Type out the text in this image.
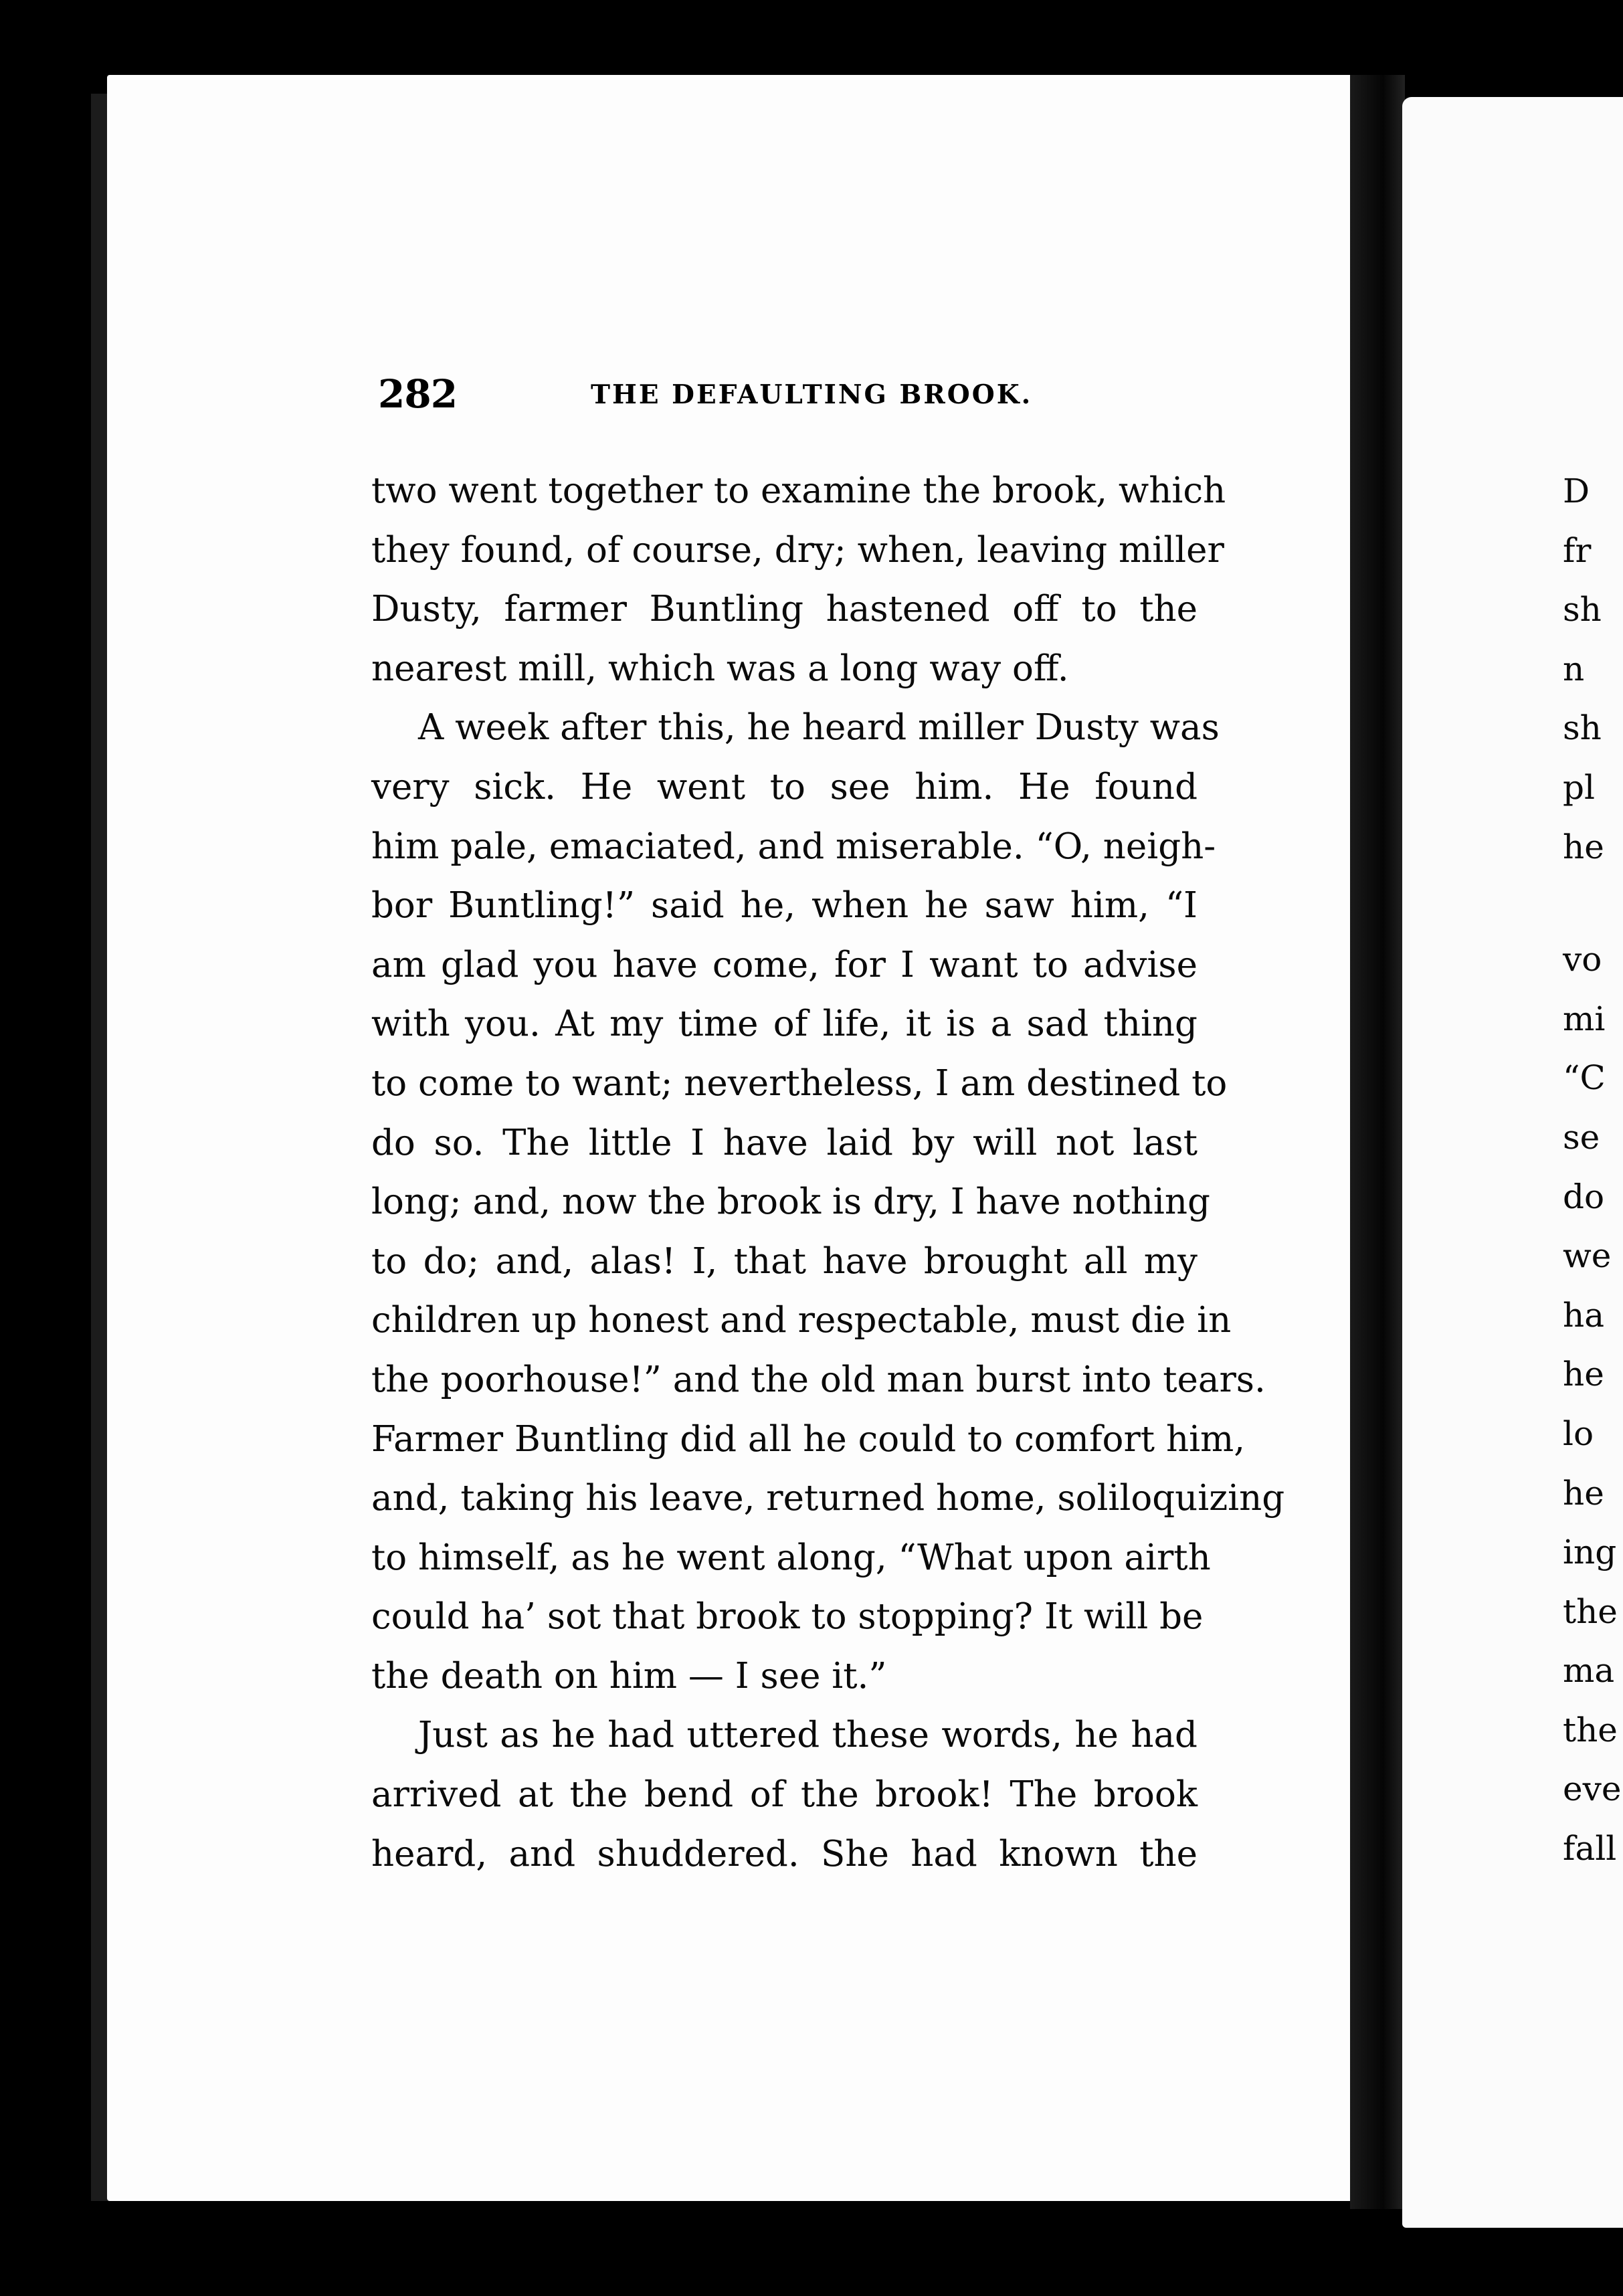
282	THE DEFAULTING BROOK.
two went together to examine the brook, which
they found, of course, dry; when, leaving miller
Dusty, farmer Buntling hastened off to the
nearest mill, which was a long way off.
A week after this, he heard miller Dusty was
very sick. He went to see him. He found
him pale, emaciated, and miserable. “O, neigh-
bor Buntling!” said he, when he saw him, “I
am glad you have come, for I want to advise
with you. At my time of life, it is a sad thing
to come to want; nevertheless, I am destined to
do so. The little I have laid by will not last
long; and, now the brook is dry, I have nothing
to do; and, alas! I, that have brought all my
children up honest and respectable, must die in
the poorhouse!” and the old man burst into tears.
Farmer Buntling did all he could to comfort him,
and, taking his leave, returned home, soliloquizing
to himself, as he went along, “What upon airth
could ha’ sot that brook to stopping? It will be
the death on him — I see it.”
Just as he had uttered these words, he had
arrived at the bend of the brook! The brook
heard, and shuddered. She had known the
D
fr
sh
n
sh
pl
he
vo
mi
“C
se
do
we
ha
he
lo
he
ing
the
ma
the
eve
fall
